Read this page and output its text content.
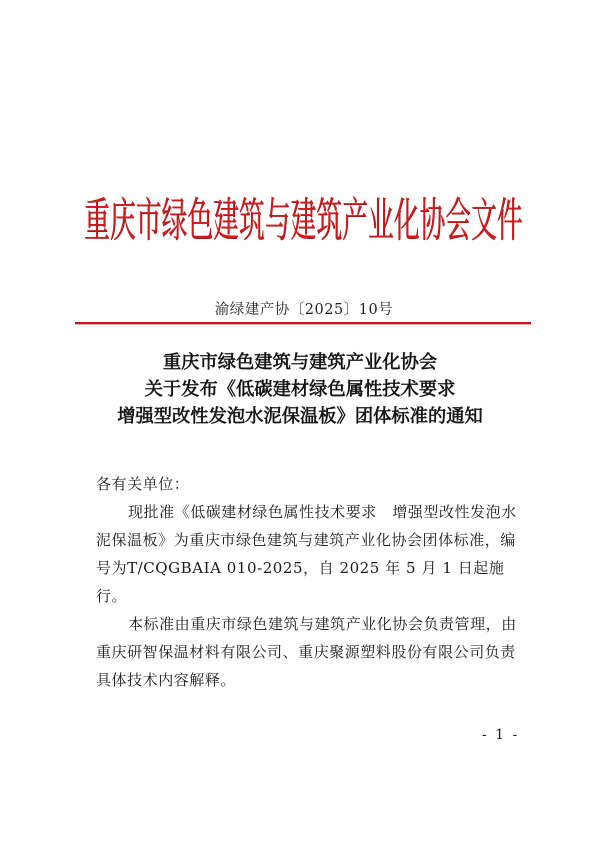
重庆市绿色建筑与建筑产业化协会文件
渝绿建产协〔2025〕10号
重庆市绿色建筑与建筑产业化协会
关于发布《低碳建材绿色属性技术要求
增强型改性发泡水泥保温板》团体标准的通知

各有关单位：

现批准《低碳建材绿色属性技术要求　增强型改性发泡水泥保温板》为重庆市绿色建筑与建筑产业化协会团体标准，编号为T/CQGBAIA 010-2025，自 2025 年 5 月 1 日起施行。

本标准由重庆市绿色建筑与建筑产业化协会负责管理，由重庆研智保温材料有限公司、重庆聚源塑料股份有限公司负责具体技术内容解释。

- 1 -
